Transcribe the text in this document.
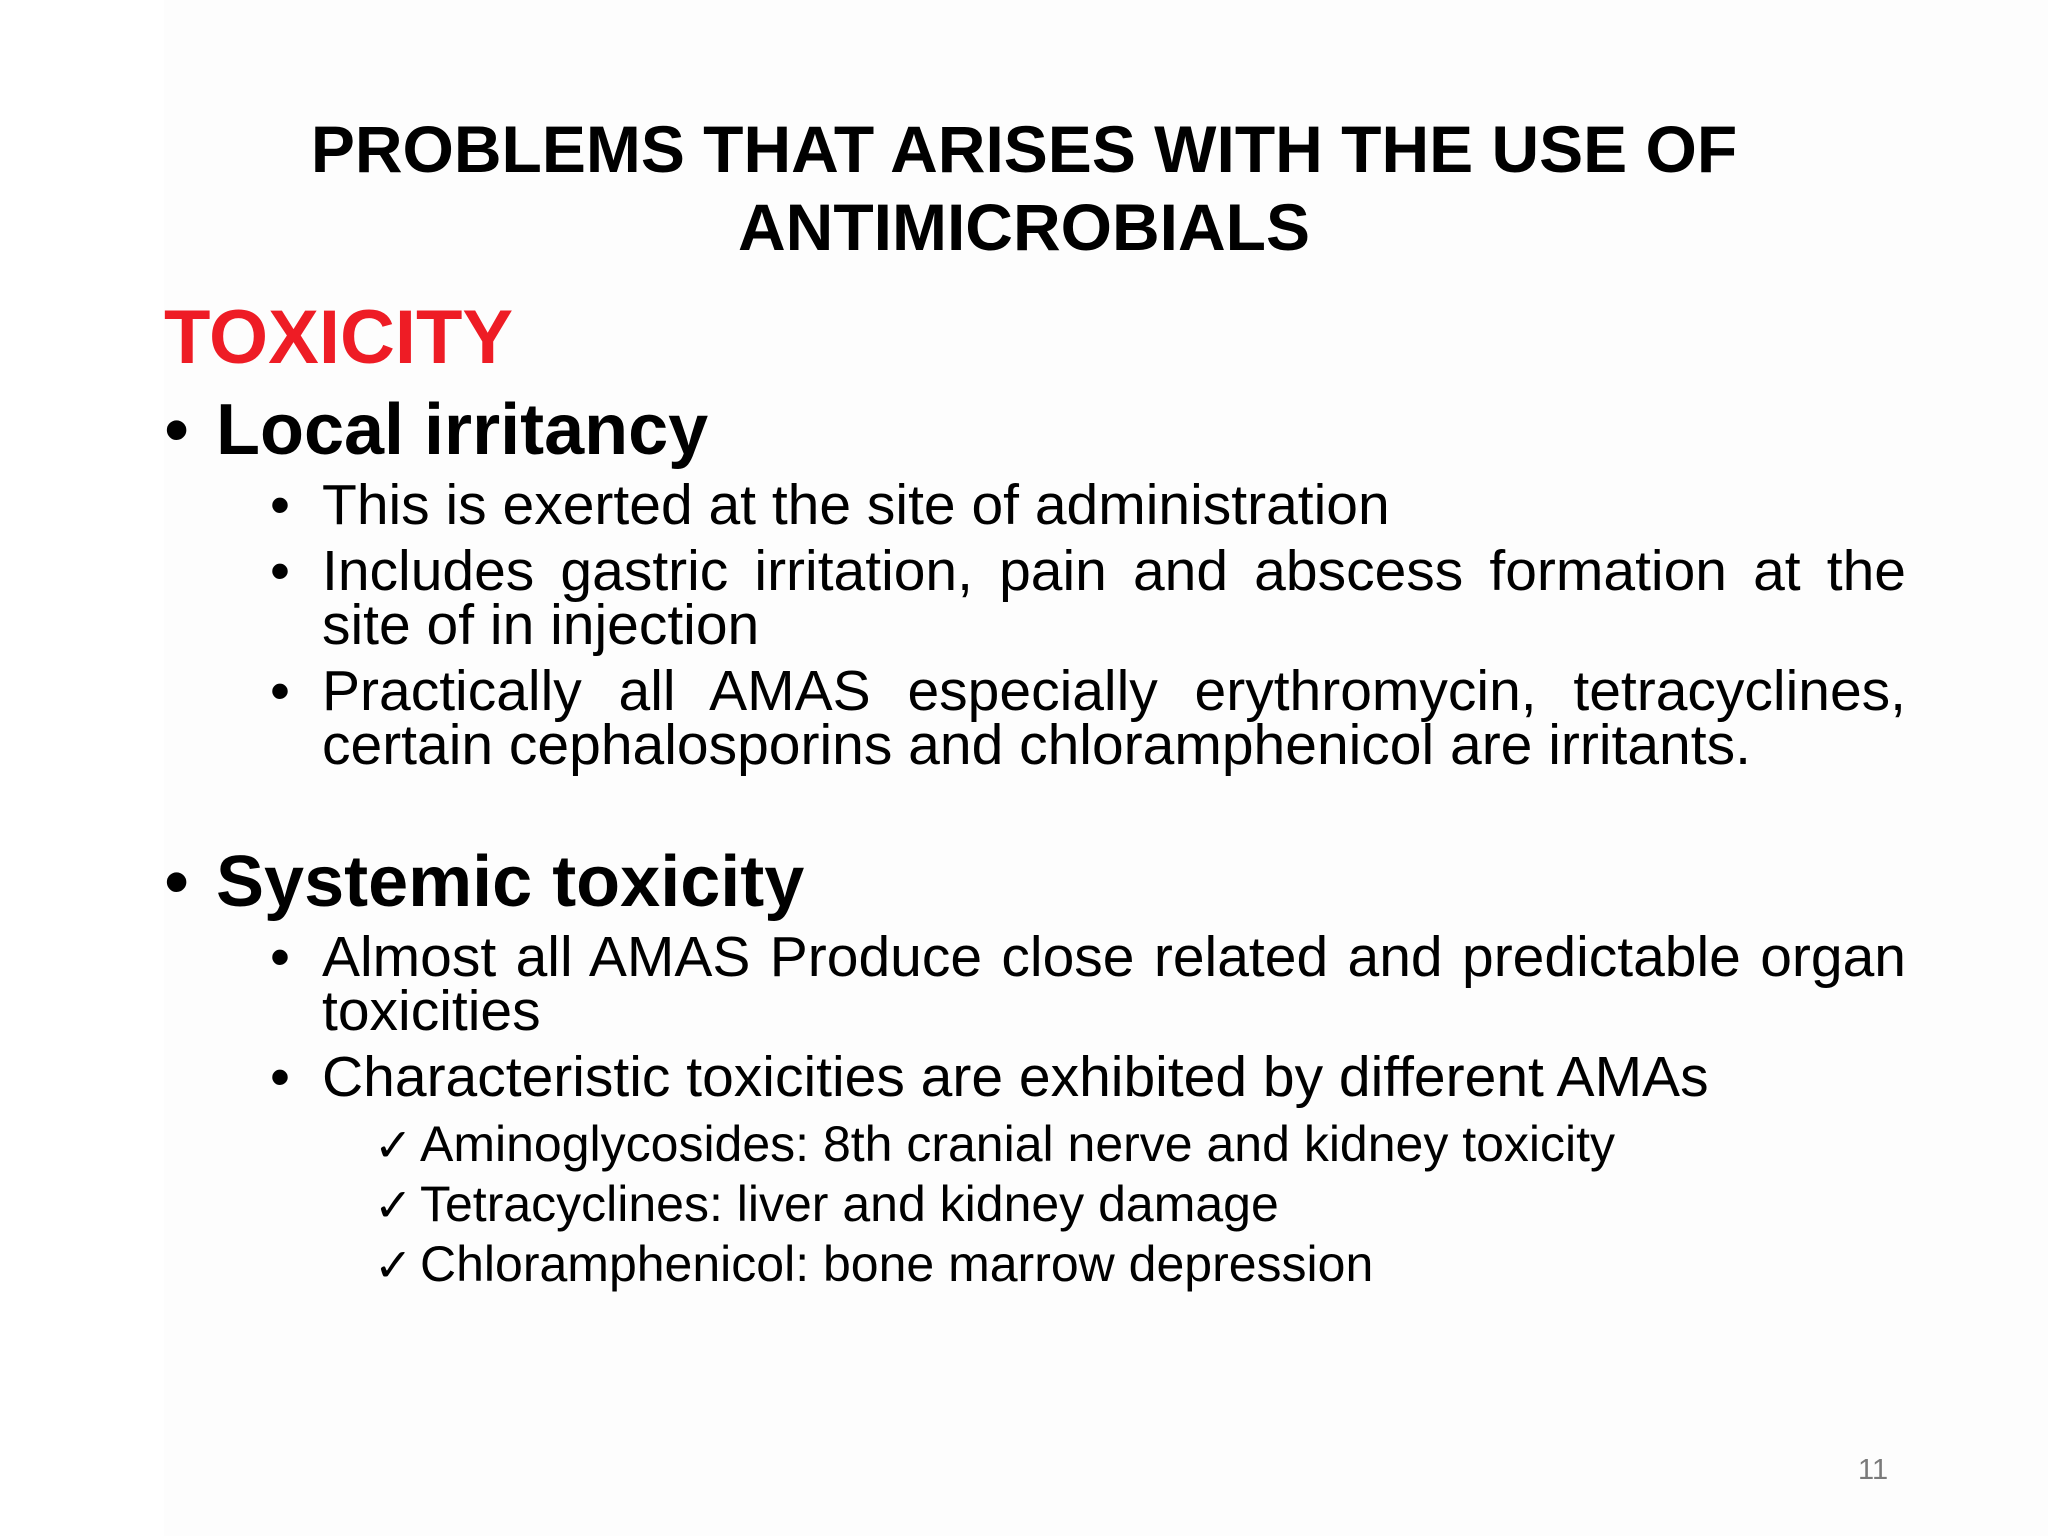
PROBLEMS THAT ARISES WITH THE USE OF
ANTIMICROBIALS
TOXICITY
• Local irritancy
• This is exerted at the site of administration
• Includes gastric irritation, pain and abscess formation at the site of in injection
• Practically all AMAS especially erythromycin, tetracyclines, certain cephalosporins and chloramphenicol are irritants.
• Systemic toxicity
• Almost all AMAS Produce close related and predictable organ toxicities
• Characteristic toxicities are exhibited by different AMAs
✓ Aminoglycosides: 8th cranial nerve and kidney toxicity
✓ Tetracyclines: liver and kidney damage
✓ Chloramphenicol: bone marrow depression
11
